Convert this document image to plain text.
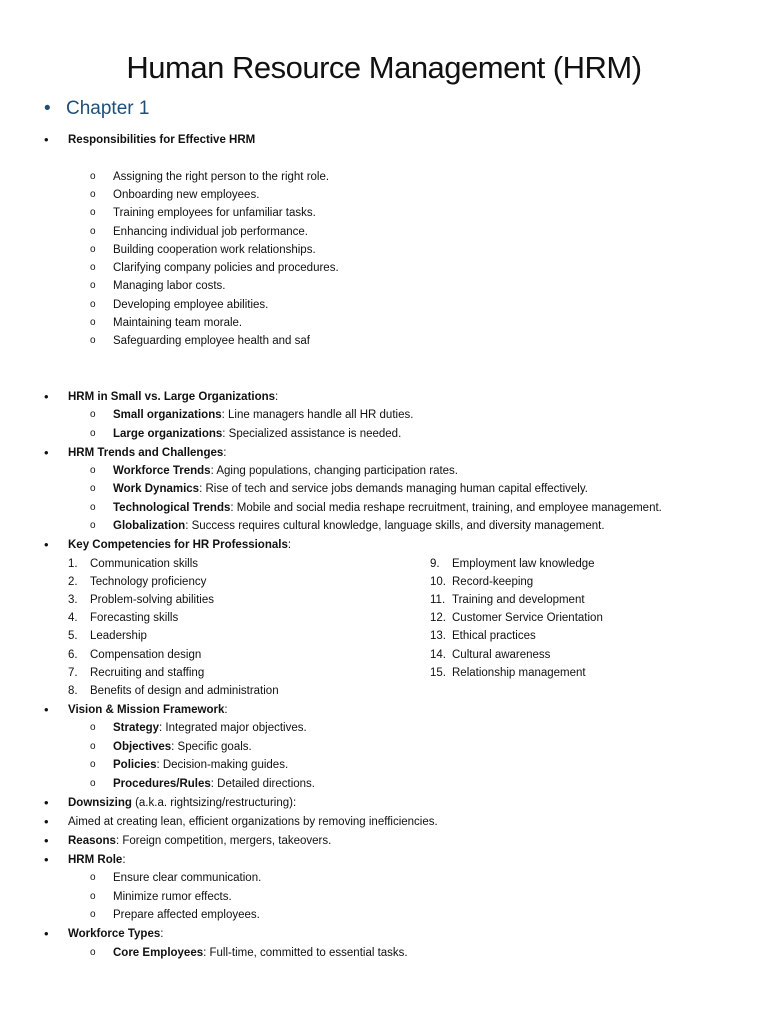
Human Resource Management (HRM)
• Chapter 1
•	Responsibilities for Effective HRM
o Assigning the right person to the right role.
o Onboarding new employees.
o Training employees for unfamiliar tasks.
o Enhancing individual job performance.
o Building cooperation work relationships.
o Clarifying company policies and procedures.
o Managing labor costs.
o Developing employee abilities.
o Maintaining team morale.
o Safeguarding employee health and saf
•	HRM in Small vs. Large Organizations:
o Small organizations: Line managers handle all HR duties.
o Large organizations: Specialized assistance is needed.
•	HRM Trends and Challenges:
o Workforce Trends: Aging populations, changing participation rates.
o Work Dynamics: Rise of tech and service jobs demands managing human capital effectively.
o Technological Trends: Mobile and social media reshape recruitment, training, and employee management.
o Globalization: Success requires cultural knowledge, language skills, and diversity management.
•	Key Competencies for HR Professionals:
1.	Communication skills
2.	Technology proficiency
3.	Problem-solving abilities
4.	Forecasting skills
5.	Leadership
6.	Compensation design
7.	Recruiting and staffing
8.	Benefits of design and administration
9.	Employment law knowledge
10. Record-keeping
11. Training and development
12. Customer Service Orientation
13. Ethical practices
14. Cultural awareness
15. Relationship management
•	Vision & Mission Framework:
o Strategy: Integrated major objectives.
o Objectives: Specific goals.
o Policies: Decision-making guides.
o Procedures/Rules: Detailed directions.
•	Downsizing (a.k.a. rightsizing/restructuring):
•	Aimed at creating lean, efficient organizations by removing inefficiencies.
•	Reasons: Foreign competition, mergers, takeovers.
•	HRM Role:
o Ensure clear communication.
o Minimize rumor effects.
o Prepare affected employees.
•	Workforce Types:
o Core Employees: Full-time, committed to essential tasks.
